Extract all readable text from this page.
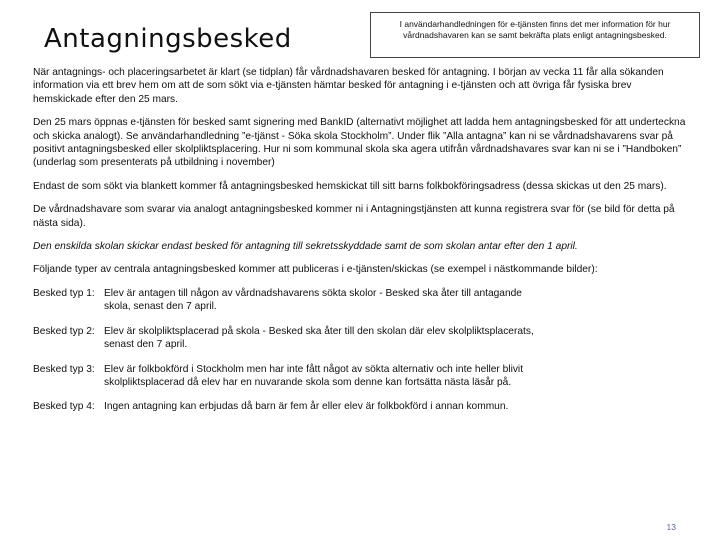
Antagningsbesked	I användarhandledningen för e-tjänsten finns det mer information för hur vårdnadshavaren kan se samt bekräfta plats enligt antagningsbesked.

När antagnings- och placeringsarbetet är klart (se tidplan) får vårdnadshavaren besked för antagning. I början av vecka 11 får alla sökanden information via ett brev hem om att de som sökt via e-tjänsten hämtar besked för antagning i e-tjänsten och att övriga får fysiska brev hemskickade efter den 25 mars.

Den 25 mars öppnas e-tjänsten för besked samt signering med BankID (alternativt möjlighet att ladda hem antagningsbesked för att underteckna och skicka analogt). Se användarhandledning ”e-tjänst - Söka skola Stockholm”. Under flik ”Alla antagna” kan ni se vårdnadshavarens svar på positivt antagningsbesked eller skolpliktsplacering. Hur ni som kommunal skola ska agera utifrån vårdnadshavares svar kan ni se i ”Handboken” (underlag som presenterats på utbildning i november)

Endast de som sökt via blankett kommer få antagningsbesked hemskickat till sitt barns folkbokföringsadress (dessa skickas ut den 25 mars).

De vårdnadshavare som svarar via analogt antagningsbesked kommer ni i Antagningstjänsten att kunna registrera svar för (se bild för detta på nästa sida).

Den enskilda skolan skickar endast besked för antagning till sekretsskyddade samt de som skolan antar efter den 1 april.

Följande typer av centrala antagningsbesked kommer att publiceras i e-tjänsten/skickas (se exempel i nästkommande bilder):

Besked typ 1: Elev är antagen till någon av vårdnadshavarens sökta skolor - Besked ska åter till antagande skola, senast den 7 april.
Besked typ 2: Elev är skolpliktsplacerad på skola - Besked ska åter till den skolan där elev skolpliktsplacerats, senast den 7 april.
Besked typ 3: Elev är folkbokförd i Stockholm men har inte fått något av sökta alternativ och inte heller blivit skolpliktsplacerad då elev har en nuvarande skola som denne kan fortsätta nästa läsår på.
Besked typ 4: Ingen antagning kan erbjudas då barn är fem år eller elev är folkbokförd i annan kommun.
13
